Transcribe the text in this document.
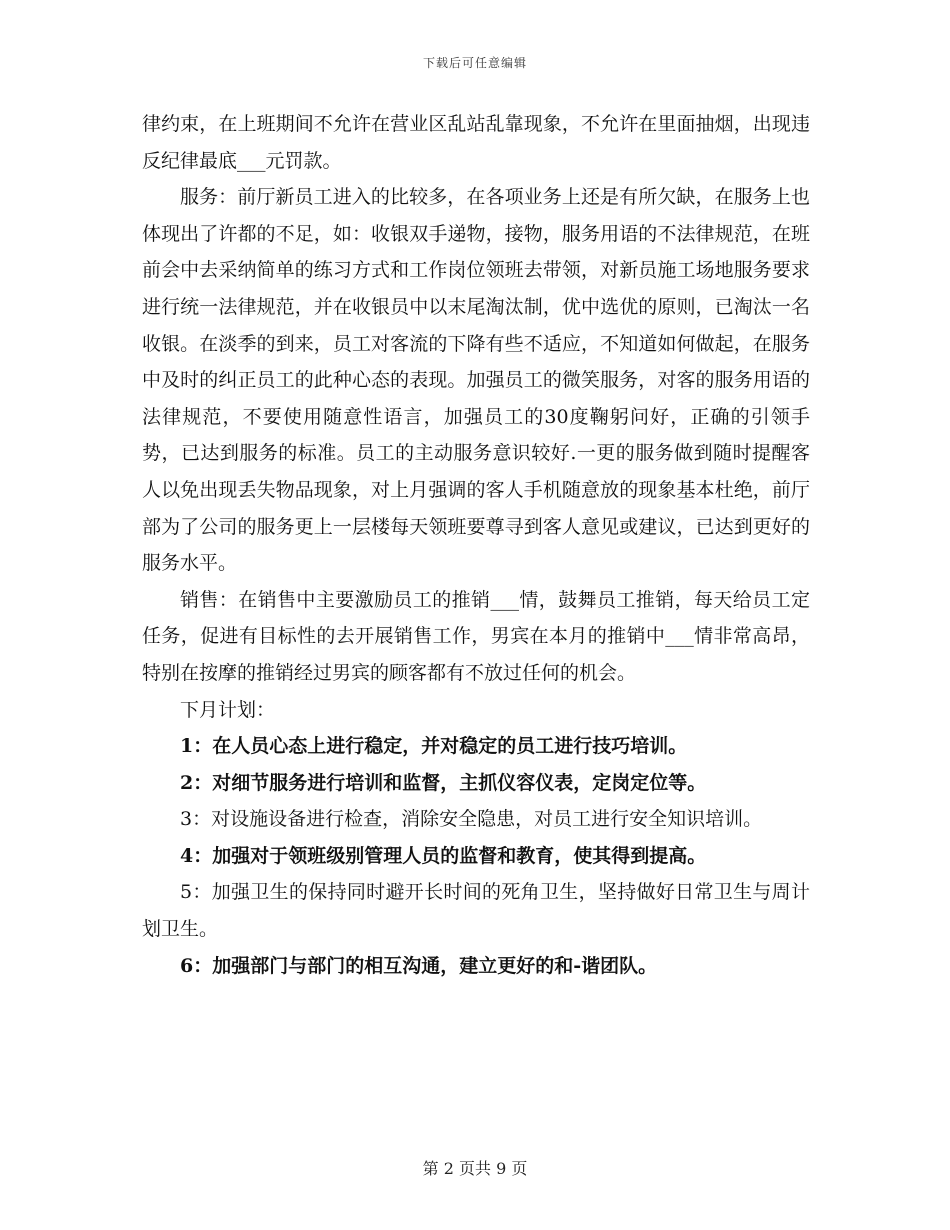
下载后可任意编辑

律约束，在上班期间不允许在营业区乱站乱靠现象，不允许在里面抽烟，出现违反纪律最底___元罚款。

服务：前厅新员工进入的比较多，在各项业务上还是有所欠缺，在服务上也体现出了许都的不足，如：收银双手递物，接物，服务用语的不法律规范，在班前会中去采纳简单的练习方式和工作岗位领班去带领，对新员施工场地服务要求进行统一法律规范，并在收银员中以末尾淘汰制，优中选优的原则，已淘汰一名收银。在淡季的到来，员工对客流的下降有些不适应，不知道如何做起，在服务中及时的纠正员工的此种心态的表现。加强员工的微笑服务，对客的服务用语的法律规范，不要使用随意性语言，加强员工的30度鞠躬问好，正确的引领手势，已达到服务的标准。员工的主动服务意识较好.一更的服务做到随时提醒客人以免出现丢失物品现象，对上月强调的客人手机随意放的现象基本杜绝，前厅部为了公司的服务更上一层楼每天领班要尊寻到客人意见或建议，已达到更好的服务水平。

销售：在销售中主要激励员工的推销___情，鼓舞员工推销，每天给员工定任务，促进有目标性的去开展销售工作，男宾在本月的推销中___情非常高昂，特别在按摩的推销经过男宾的顾客都有不放过任何的机会。

下月计划：

1：在人员心态上进行稳定，并对稳定的员工进行技巧培训。

2：对细节服务进行培训和监督，主抓仪容仪表，定岗定位等。

3：对设施设备进行检查，消除安全隐患，对员工进行安全知识培训。

4：加强对于领班级别管理人员的监督和教育，使其得到提高。

5：加强卫生的保持同时避开长时间的死角卫生，坚持做好日常卫生与周计划卫生。

6：加强部门与部门的相互沟通，建立更好的和-谐团队。

第 2 页共 9 页
